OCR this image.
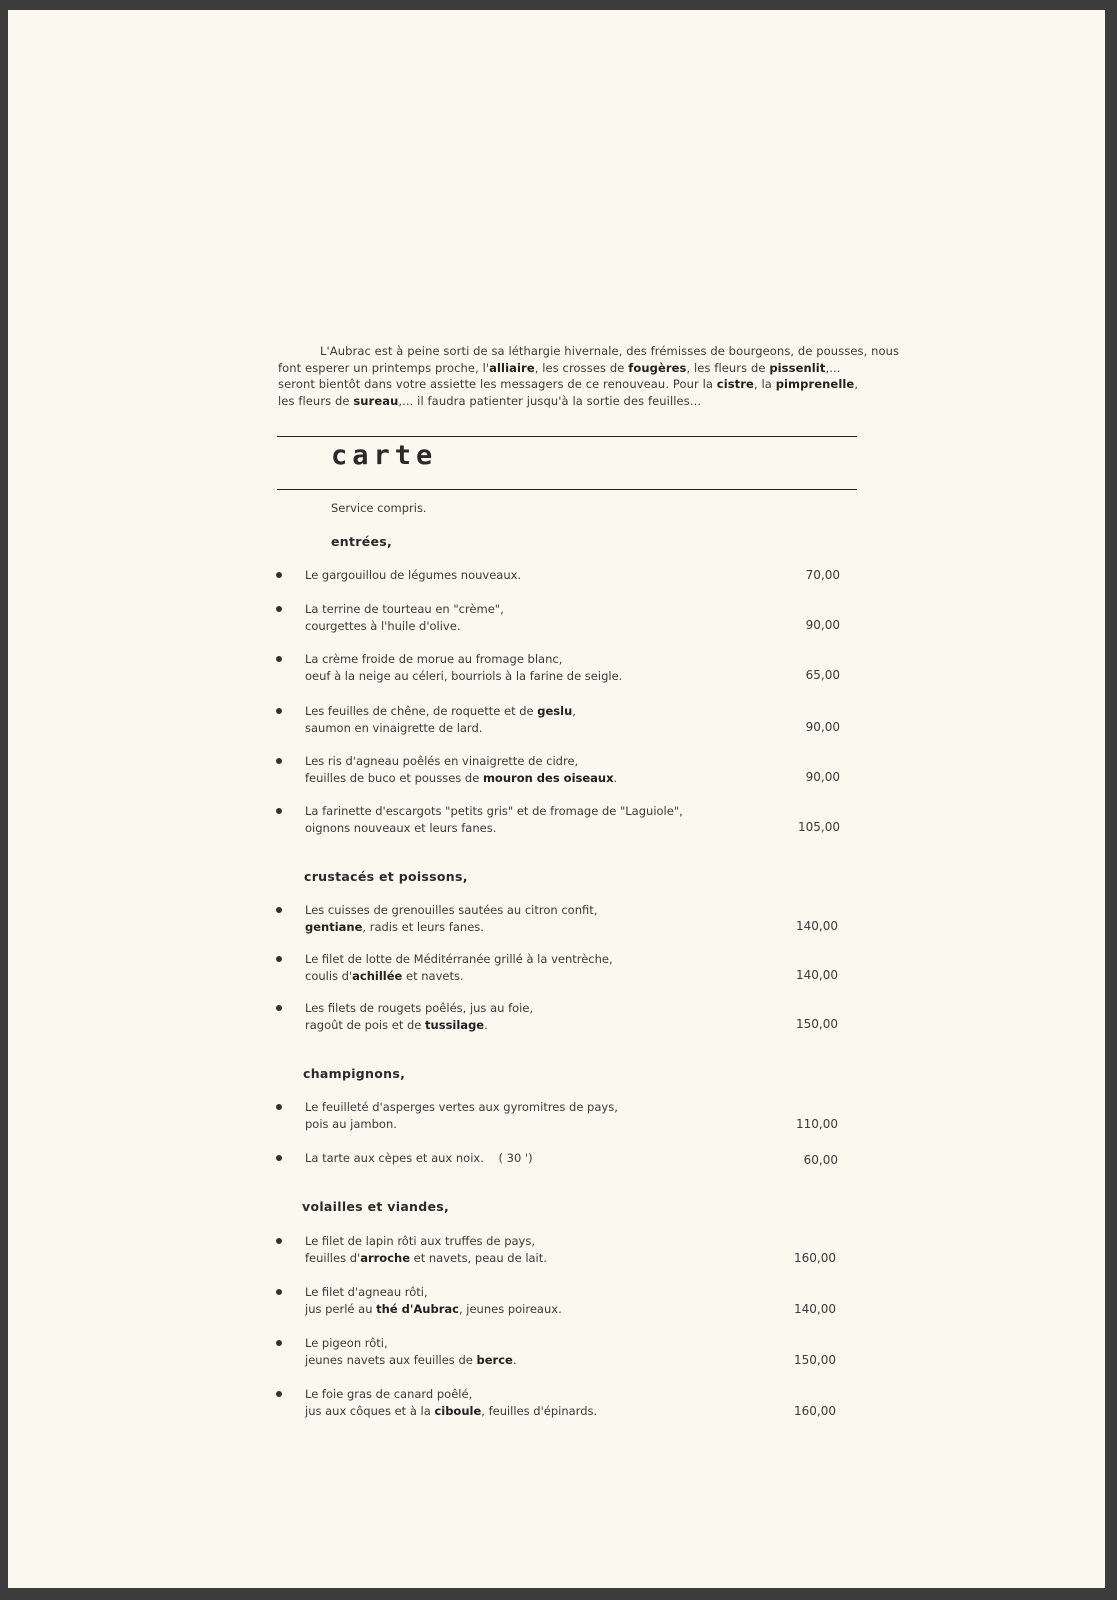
L'Aubrac est à peine sorti de sa léthargie hivernale, des frémisses de bourgeons, de pousses, nous

font esperer un printemps proche, l'alliaire, les crosses de fougères, les fleurs de pissenlit,...

seront bientôt dans votre assiette les messagers de ce renouveau. Pour la cistre, la pimprenelle,

les fleurs de sureau,... il faudra patienter jusqu'à la sortie des feuilles...

carte
Service compris.
entrées,
Le gargouillou de légumes nouveaux.	70,00
La terrine de tourteau en "crème",
courgettes à l'huile d'olive.	90,00
La crème froide de morue au fromage blanc,
oeuf à la neige au céleri, bourriols à la farine de seigle.	65,00
Les feuilles de chêne, de roquette et de geslu,
saumon en vinaigrette de lard.	90,00
Les ris d'agneau poêlés en vinaigrette de cidre,
feuilles de buco et pousses de mouron des oiseaux.	90,00
La farinette d'escargots "petits gris" et de fromage de "Laguiole",
oignons nouveaux et leurs fanes.	105,00
crustacés et poissons,
Les cuisses de grenouilles sautées au citron confit,
gentiane, radis et leurs fanes.	140,00
Le filet de lotte de Méditérranée grillé à la ventrèche,
coulis d'achillée et navets.	140,00
Les filets de rougets poêlés, jus au foie,
ragoût de pois et de tussilage.	150,00
champignons,
Le feuilleté d'asperges vertes aux gyromitres de pays,
pois au jambon.	110,00
La tarte aux cèpes et aux noix.    ( 30 ')	60,00
volailles et viandes,
Le filet de lapin rôti aux truffes de pays,
feuilles d'arroche et navets, peau de lait.	160,00
Le filet d'agneau rôti,
jus perlé au thé d'Aubrac, jeunes poireaux.	140,00
Le pigeon rôti,
jeunes navets aux feuilles de berce.	150,00
Le foie gras de canard poêlé,
jus aux côques et à la ciboule, feuilles d'épinards.	160,00
